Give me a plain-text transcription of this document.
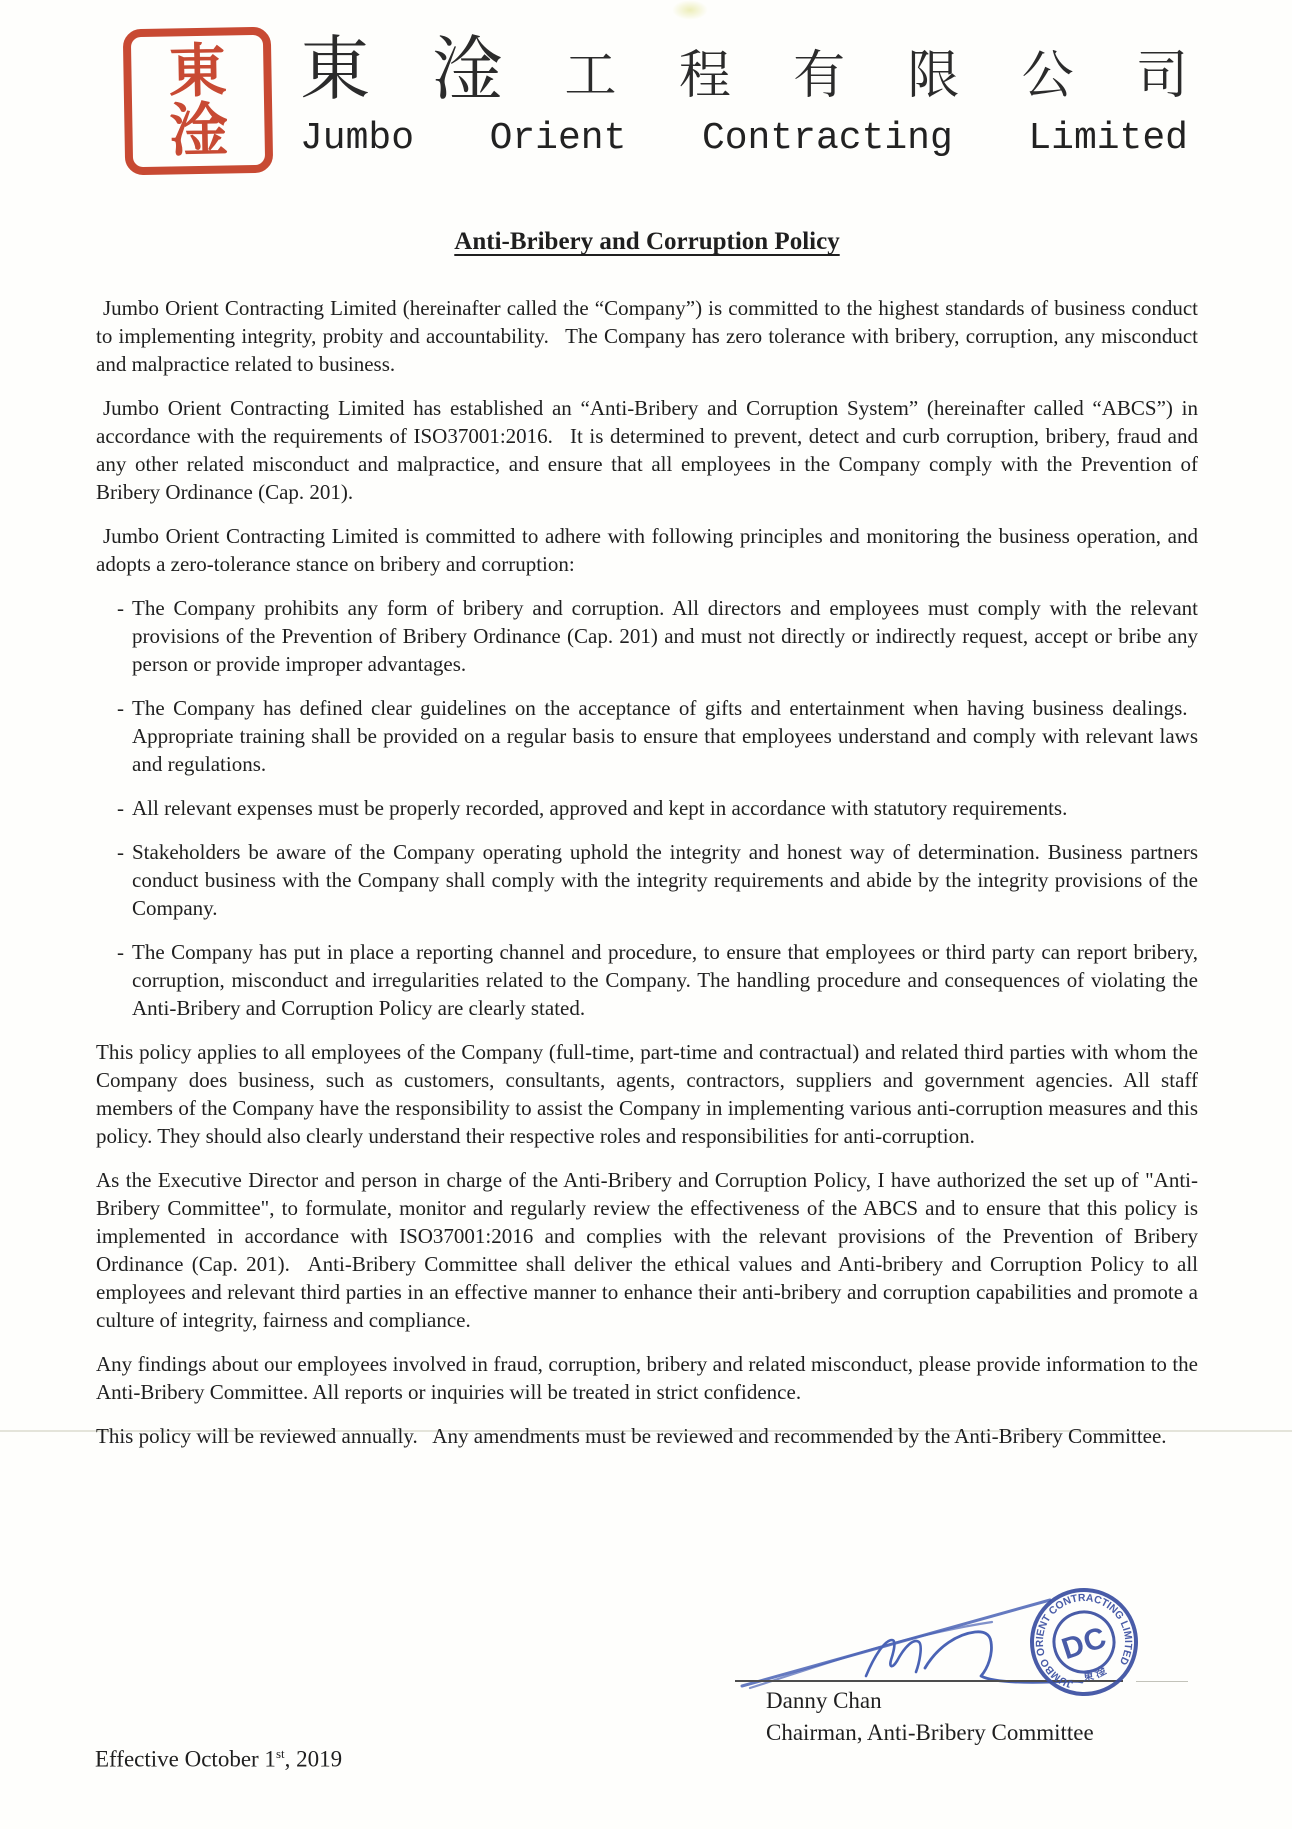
東
淦
東 淦 工 程 有 限 公 司
Jumbo Orient Contracting Limited
Anti-Bribery and Corruption Policy

Jumbo Orient Contracting Limited (hereinafter called the “Company”) is committed to the highest standards of business conduct to implementing integrity, probity and accountability.  The Company has zero tolerance with bribery, corruption, any misconduct and malpractice related to business.

Jumbo Orient Contracting Limited has established an “Anti-Bribery and Corruption System” (hereinafter called “ABCS”) in accordance with the requirements of ISO37001:2016.  It is determined to prevent, detect and curb corruption, bribery, fraud and any other related misconduct and malpractice, and ensure that all employees in the Company comply with the Prevention of Bribery Ordinance (Cap. 201).

Jumbo Orient Contracting Limited is committed to adhere with following principles and monitoring the business operation, and adopts a zero-tolerance stance on bribery and corruption:

- The Company prohibits any form of bribery and corruption. All directors and employees must comply with the relevant provisions of the Prevention of Bribery Ordinance (Cap. 201) and must not directly or indirectly request, accept or bribe any person or provide improper advantages.
- The Company has defined clear guidelines on the acceptance of gifts and entertainment when having business dealings.  Appropriate training shall be provided on a regular basis to ensure that employees understand and comply with relevant laws and regulations.
- All relevant expenses must be properly recorded, approved and kept in accordance with statutory requirements.
- Stakeholders be aware of the Company operating uphold the integrity and honest way of determination. Business partners conduct business with the Company shall comply with the integrity requirements and abide by the integrity provisions of the Company.
- The Company has put in place a reporting channel and procedure, to ensure that employees or third party can report bribery, corruption, misconduct and irregularities related to the Company. The handling procedure and consequences of violating the Anti-Bribery and Corruption Policy are clearly stated.

This policy applies to all employees of the Company (full-time, part-time and contractual) and related third parties with whom the Company does business, such as customers, consultants, agents, contractors, suppliers and government agencies. All staff members of the Company have the responsibility to assist the Company in implementing various anti-corruption measures and this policy. They should also clearly understand their respective roles and responsibilities for anti-corruption.

As the Executive Director and person in charge of the Anti-Bribery and Corruption Policy, I have authorized the set up of "Anti-Bribery Committee", to formulate, monitor and regularly review the effectiveness of the ABCS and to ensure that this policy is implemented in accordance with ISO37001:2016 and complies with the relevant provisions of the Prevention of Bribery Ordinance (Cap. 201).  Anti-Bribery Committee shall deliver the ethical values and Anti-bribery and Corruption Policy to all employees and relevant third parties in an effective manner to enhance their anti-bribery and corruption capabilities and promote a culture of integrity, fairness and compliance.

Any findings about our employees involved in fraud, corruption, bribery and related misconduct, please provide information to the Anti-Bribery Committee. All reports or inquiries will be treated in strict confidence.

This policy will be reviewed annually.  Any amendments must be reviewed and recommended by the Anti-Bribery Committee.

JUMBO ORIENT CONTRACTING LIMITED
DC
東 淦
Danny Chan
Chairman, Anti-Bribery Committee
Effective October 1st, 2019
